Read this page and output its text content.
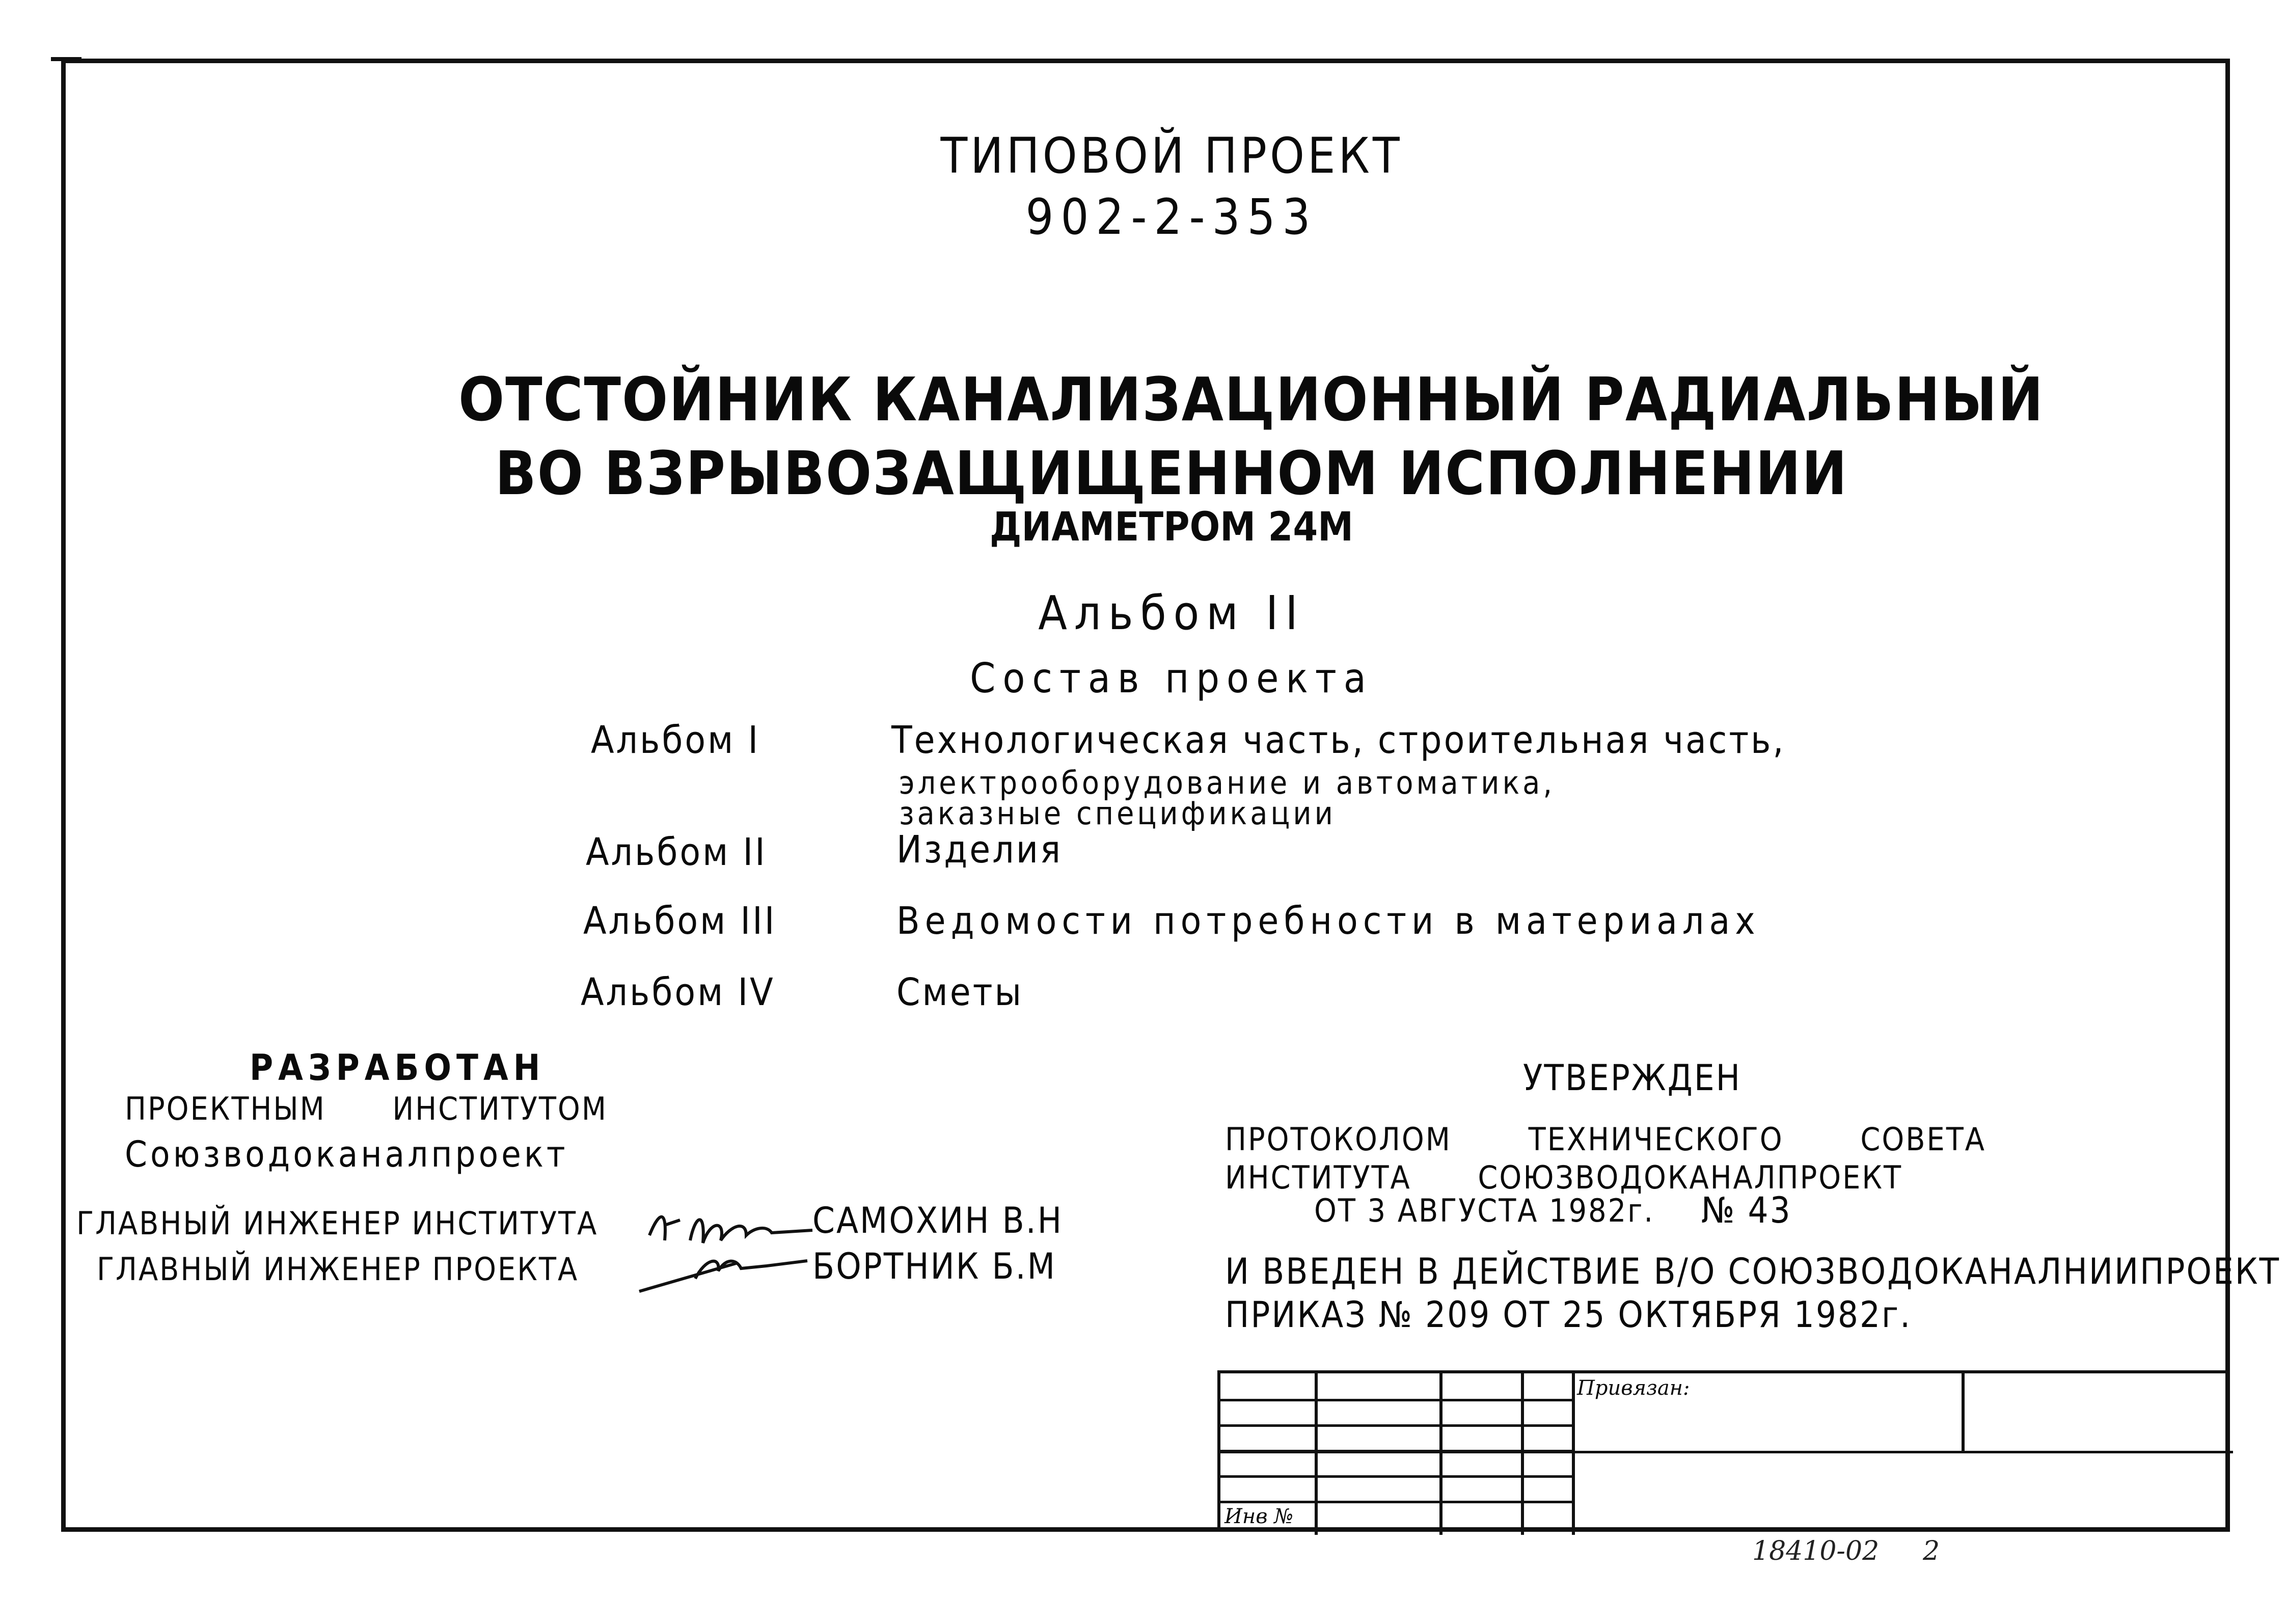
ТИПОВОЙ ПРОЕКТ
902-2-353
ОТСТОЙНИК КАНАЛИЗАЦИОННЫЙ РАДИАЛЬНЫЙ
ВО ВЗРЫВОЗАЩИЩЕННОМ ИСПОЛНЕНИИ
ДИАМЕТРОМ 24М
Альбом II
Состав проекта
Альбом I	Технологическая часть, строительная часть,
электрооборудование и автоматика,
заказные спецификации
Альбом II	Изделия
Альбом III	Ведомости потребности в материалах
Альбом IV	Сметы
РАЗРАБОТАН
ПРОЕКТНЫМ ИНСТИТУТОМ
Союзводоканалпроект
ГЛАВНЫЙ ИНЖЕНЕР ИНСТИТУТА	САМОХИН В.Н
ГЛАВНЫЙ ИНЖЕНЕР ПРОЕКТА	БОРТНИК Б.М
УТВЕРЖДЕН
ПРОТОКОЛОМ ТЕХНИЧЕСКОГО СОВЕТА
ИНСТИТУТА СОЮЗВОДОКАНАЛПРОЕКТ
ОТ 3 АВГУСТА 1982г. № 43
И ВВЕДЕН В ДЕЙСТВИЕ В/О СОЮЗВОДОКАНАЛНИИПРОЕКТ
ПРИКАЗ № 209 ОТ 25 ОКТЯБРЯ 1982г.
Привязан:
Инв №
18410-02 2
